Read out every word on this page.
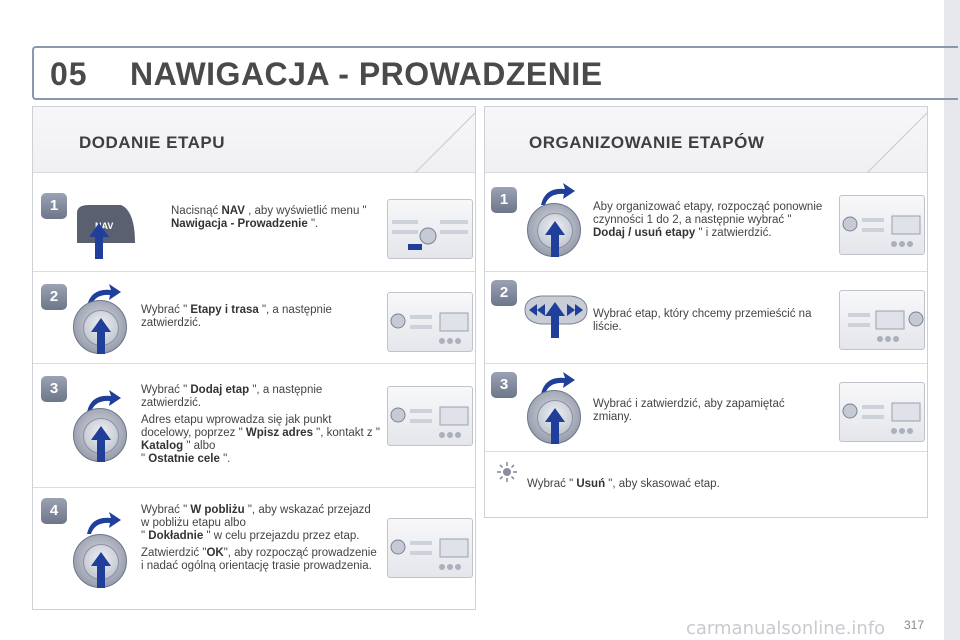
05 NAWIGACJA - PROWADZENIE
DODANIE ETAPU
1
NAV
Nacisnąć NAV , aby wyświetlić menu " Nawigacja - Prowadzenie ".
2
Wybrać " Etapy i trasa ", a następnie zatwierdzić.
3	Wybrać " Dodaj etap ", a następnie zatwierdzić.

Adres etapu wprowadza się jak punkt docelowy, poprzez " Wpisz adres ", kontakt z " Katalog " albo
" Ostatnie cele ".

4	Wybrać " W pobliżu ", aby wskazać przejazd w pobliżu etapu albo
" Dokładnie " w celu przejazdu przez etap.

Zatwierdzić "OK", aby rozpocząć prowadzenie i nadać ogólną orientację trasie prowadzenia.

ORGANIZOWANIE ETAPÓW
1	Aby organizować etapy, rozpocząć ponownie czynności 1 do 2, a następnie wybrać " Dodaj / usuń etapy " i zatwierdzić.
2
Wybrać etap, który chcemy przemieścić na liście.
3
Wybrać i zatwierdzić, aby zapamiętać zmiany.
Wybrać " Usuń ", aby skasować etap.
carmanualsonline.info 317
